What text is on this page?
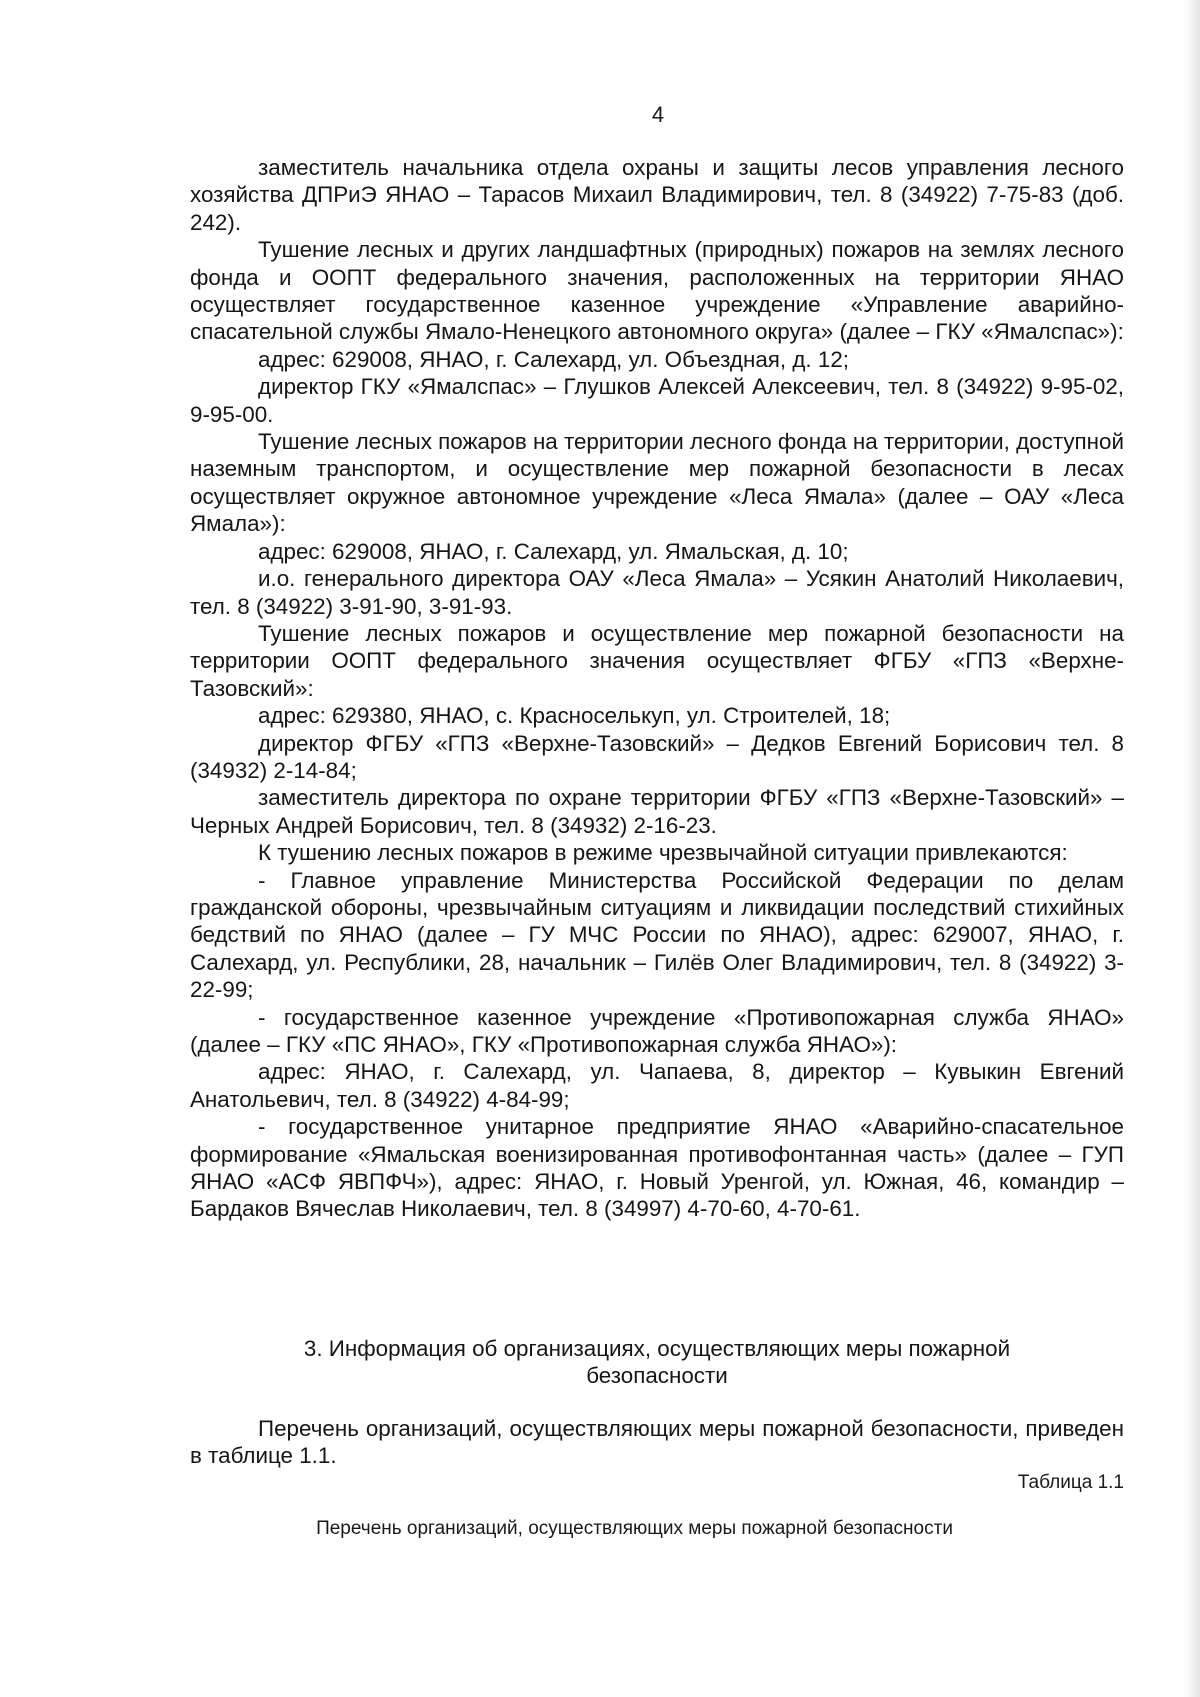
4

заместитель начальника отдела охраны и защиты лесов управления лесного хозяйства ДПРиЭ ЯНАО – Тарасов Михаил Владимирович, тел. 8 (34922) 7-75-83 (доб. 242).

Тушение лесных и других ландшафтных (природных) пожаров на землях лесного фонда и ООПТ федерального значения, расположенных на территории ЯНАО осуществляет государственное казенное учреждение «Управление аварийно-спасательной службы Ямало-Ненецкого автономного округа» (далее – ГКУ «Ямалспас»):

адрес: 629008, ЯНАО, г. Салехард, ул. Объездная, д. 12;

директор ГКУ «Ямалспас» – Глушков Алексей Алексеевич, тел. 8 (34922) 9-95-02, 9-95-00.

Тушение лесных пожаров на территории лесного фонда на территории, доступной наземным транспортом, и осуществление мер пожарной безопасности в лесах осуществляет окружное автономное учреждение «Леса Ямала» (далее – ОАУ «Леса Ямала»):

адрес: 629008, ЯНАО, г. Салехард, ул. Ямальская, д. 10;

и.о. генерального директора ОАУ «Леса Ямала» – Усякин Анатолий Николаевич, тел. 8 (34922) 3-91-90, 3-91-93.

Тушение лесных пожаров и осуществление мер пожарной безопасности на территории ООПТ федерального значения осуществляет ФГБУ «ГПЗ «Верхне-Тазовский»:

адрес: 629380, ЯНАО, с. Красноселькуп, ул. Строителей, 18;

директор ФГБУ «ГПЗ «Верхне-Тазовский» – Дедков Евгений Борисович тел. 8 (34932) 2-14-84;

заместитель директора по охране территории ФГБУ «ГПЗ «Верхне-Тазовский» – Черных Андрей Борисович, тел. 8 (34932) 2-16-23.

К тушению лесных пожаров в режиме чрезвычайной ситуации привлекаются:

- Главное управление Министерства Российской Федерации по делам гражданской обороны, чрезвычайным ситуациям и ликвидации последствий стихийных бедствий по ЯНАО (далее – ГУ МЧС России по ЯНАО), адрес: 629007, ЯНАО, г. Салехард, ул. Республики, 28, начальник – Гилёв Олег Владимирович, тел. 8 (34922) 3-22-99;

- государственное казенное учреждение «Противопожарная служба ЯНАО» (далее – ГКУ «ПС ЯНАО», ГКУ «Противопожарная служба ЯНАО»):

адрес: ЯНАО, г. Салехард, ул. Чапаева, 8, директор – Кувыкин Евгений Анатольевич, тел. 8 (34922) 4-84-99;

- государственное унитарное предприятие ЯНАО «Аварийно-спасательное формирование «Ямальская военизированная противофонтанная часть» (далее – ГУП ЯНАО «АСФ ЯВПФЧ»), адрес: ЯНАО, г. Новый Уренгой, ул. Южная, 46, командир – Бардаков Вячеслав Николаевич, тел. 8 (34997) 4-70-60, 4-70-61.

3. Информация об организациях, осуществляющих меры пожарной
безопасности

Перечень организаций, осуществляющих меры пожарной безопасности, приведен в таблице 1.1.

Таблица 1.1
Перечень организаций, осуществляющих меры пожарной безопасности
